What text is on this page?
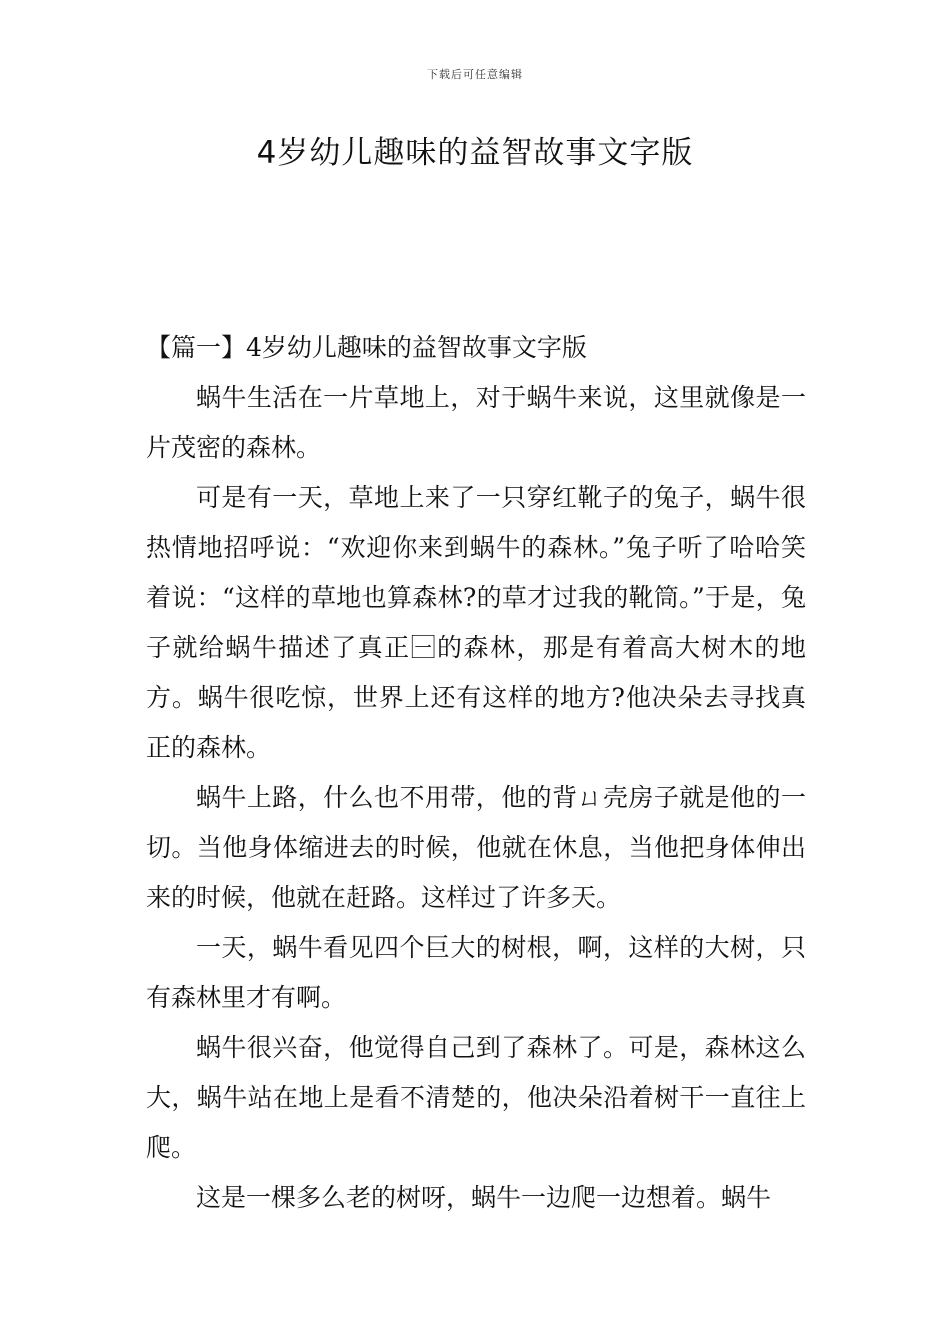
下载后可任意编辑
4岁幼儿趣味的益智故事文字版
【篇一】4岁幼儿趣味的益智故事文字版

蜗牛生活在一片草地上，对于蜗牛来说，这里就像是一片茂密的森林。

可是有一天，草地上来了一只穿红靴子的兔子，蜗牛很热情地招呼说：“欢迎你来到蜗牛的森林。”兔子听了哈哈笑着说：“这样的草地也算森林?的草才过我的靴筒。”于是，兔子就给蜗牛描述了真正🈩的森林，那是有着高大树木的地方。蜗牛很吃惊，世界上还有这样的地方?他决朵去寻找真正的森林。

蜗牛上路，什么也不用带，他的背ㄩ壳房子就是他的一切。当他身体缩进去的时候，他就在休息，当他把身体伸出来的时候，他就在赶路。这样过了许多天。

一天，蜗牛看见四个巨大的树根，啊，这样的大树，只有森林里才有啊。

蜗牛很兴奋，他觉得自己到了森林了。可是，森林这么大，蜗牛站在地上是看不清楚的，他决朵沿着树干一直往上爬。

这是一棵多么老的树呀，蜗牛一边爬一边想着。蜗牛
